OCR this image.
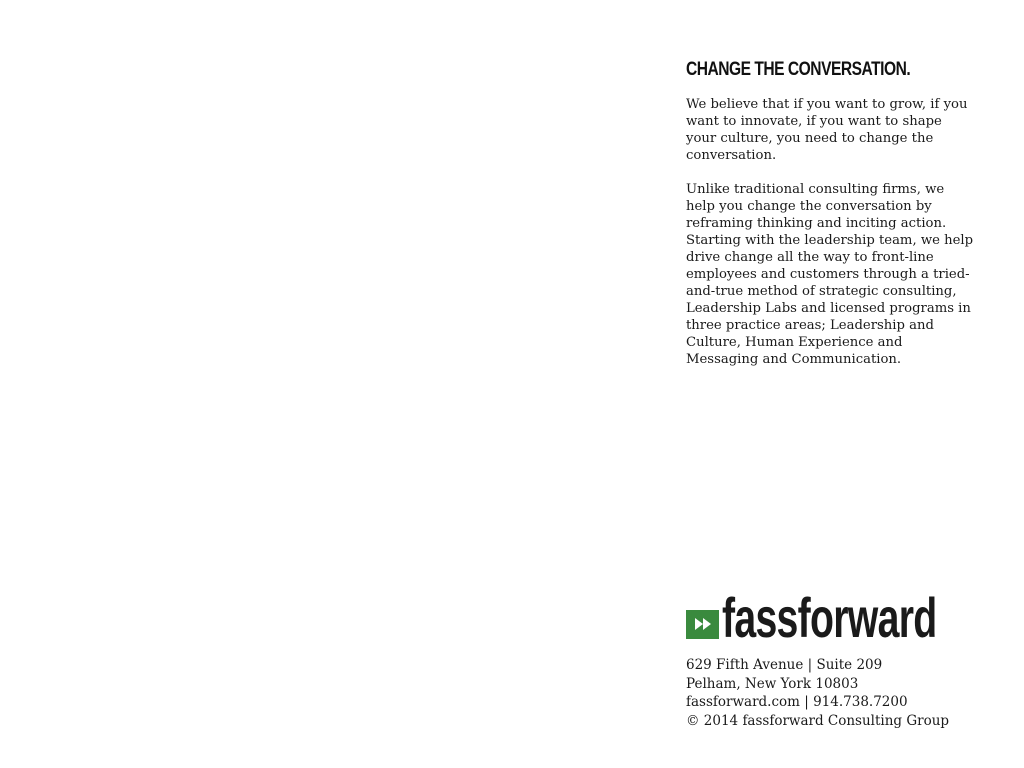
CHANGE THE CONVERSATION.

We believe that if you want to grow, if you want to innovate, if you want to shape your culture, you need to change the conversation.

Unlike traditional consulting firms, we help you change the conversation by reframing thinking and inciting action. Starting with the leadership team, we help drive change all the way to front-line employees and customers through a tried-and-true method of strategic consulting, Leadership Labs and licensed programs in three practice areas; Leadership and Culture, Human Experience and Messaging and Communication.

fassforward
629 Fifth Avenue | Suite 209
Pelham, New York 10803
fassforward.com | 914.738.7200
© 2014 fassforward Consulting Group
